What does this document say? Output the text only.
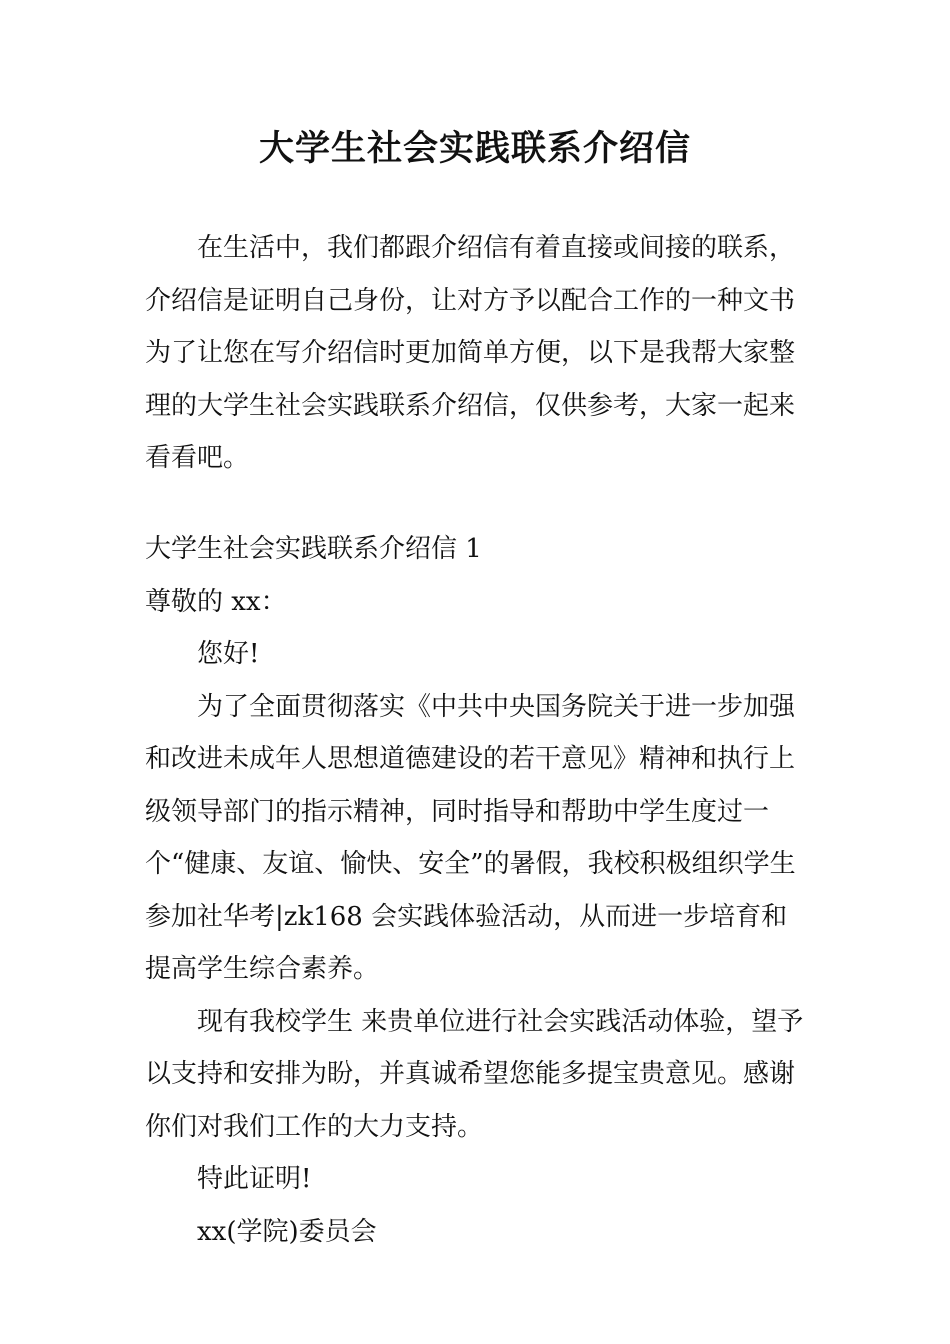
大学生社会实践联系介绍信

在生活中，我们都跟介绍信有着直接或间接的联系，介绍信是证明自己身份，让对方予以配合工作的一种文书为了让您在写介绍信时更加简单方便，以下是我帮大家整理的大学生社会实践联系介绍信，仅供参考，大家一起来看看吧。

大学生社会实践联系介绍信 1

尊敬的 xx：

您好!

为了全面贯彻落实《中共中央国务院关于进一步加强和改进未成年人思想道德建设的若干意见》精神和执行上级领导部门的指示精神，同时指导和帮助中学生度过一个“健康、友谊、愉快、安全”的暑假，我校积极组织学生参加社华考|zk168 会实践体验活动，从而进一步培育和提高学生综合素养。

现有我校学生 来贵单位进行社会实践活动体验，望予以支持和安排为盼，并真诚希望您能多提宝贵意见。感谢你们对我们工作的大力支持。

特此证明!

xx(学院)委员会
